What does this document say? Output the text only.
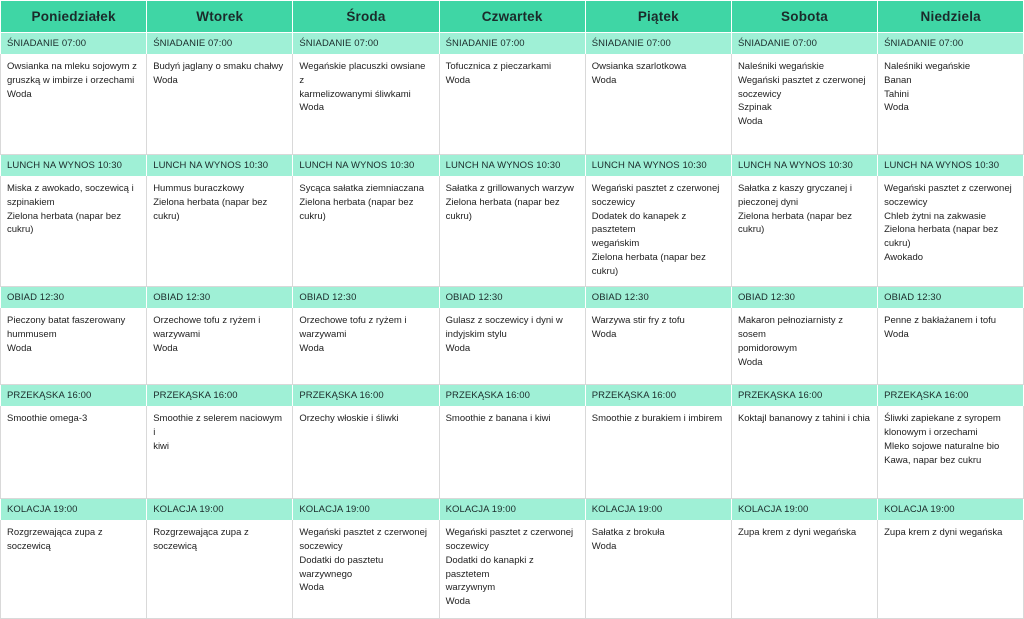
Poniedziałek	Wtorek	Środa	Czwartek	Piątek	Sobota	Niedziela
ŚNIADANIE 07:00	ŚNIADANIE 07:00	ŚNIADANIE 07:00	ŚNIADANIE 07:00	ŚNIADANIE 07:00	ŚNIADANIE 07:00	ŚNIADANIE 07:00

Owsianka na mleku sojowym z
gruszką w imbirze i orzechami
Woda	Budyń jaglany o smaku chałwy
Woda	Wegańskie placuszki owsiane z
karmelizowanymi śliwkami
Woda	Tofucznica z pieczarkami
Woda	Owsianka szarlotkowa
Woda	Naleśniki wegańskie
Wegański pasztet z czerwonej
soczewicy
Szpinak
Woda	Naleśniki wegańskie
Banan
Tahini
Woda

LUNCH NA WYNOS 10:30	LUNCH NA WYNOS 10:30	LUNCH NA WYNOS 10:30	LUNCH NA WYNOS 10:30	LUNCH NA WYNOS 10:30	LUNCH NA WYNOS 10:30	LUNCH NA WYNOS 10:30

Miska z awokado, soczewicą i
szpinakiem
Zielona herbata (napar bez cukru)	Hummus buraczkowy
Zielona herbata (napar bez cukru)	Sycąca sałatka ziemniaczana
Zielona herbata (napar bez cukru)	Sałatka z grillowanych warzyw
Zielona herbata (napar bez cukru)	Wegański pasztet z czerwonej
soczewicy
Dodatek do kanapek z pasztetem
wegańskim
Zielona herbata (napar bez cukru)	Sałatka z kaszy gryczanej i
pieczonej dyni
Zielona herbata (napar bez cukru)	Wegański pasztet z czerwonej
soczewicy
Chleb żytni na zakwasie
Zielona herbata (napar bez cukru)
Awokado

OBIAD 12:30	OBIAD 12:30	OBIAD 12:30	OBIAD 12:30	OBIAD 12:30	OBIAD 12:30	OBIAD 12:30

Pieczony batat faszerowany
hummusem
Woda	Orzechowe tofu z ryżem i
warzywami
Woda	Orzechowe tofu z ryżem i
warzywami
Woda	Gulasz z soczewicy i dyni w
indyjskim stylu
Woda	Warzywa stir fry z tofu
Woda	Makaron pełnoziarnisty z sosem
pomidorowym
Woda	Penne z bakłażanem i tofu
Woda

PRZEKĄSKA 16:00	PRZEKĄSKA 16:00	PRZEKĄSKA 16:00	PRZEKĄSKA 16:00	PRZEKĄSKA 16:00	PRZEKĄSKA 16:00	PRZEKĄSKA 16:00

Smoothie omega-3	Smoothie z selerem naciowym i
kiwi	Orzechy włoskie i śliwki	Smoothie z banana i kiwi	Smoothie z burakiem i imbirem	Koktajl bananowy z tahini i chia	Śliwki zapiekane z syropem
klonowym i orzechami
Mleko sojowe naturalne bio
Kawa, napar bez cukru

KOLACJA 19:00	KOLACJA 19:00	KOLACJA 19:00	KOLACJA 19:00	KOLACJA 19:00	KOLACJA 19:00	KOLACJA 19:00

Rozgrzewająca zupa z soczewicą	Rozgrzewająca zupa z soczewicą	Wegański pasztet z czerwonej
soczewicy
Dodatki do pasztetu warzywnego
Woda	Wegański pasztet z czerwonej
soczewicy
Dodatki do kanapki z pasztetem
warzywnym
Woda	Sałatka z brokuła
Woda	Zupa krem z dyni wegańska	Zupa krem z dyni wegańska
